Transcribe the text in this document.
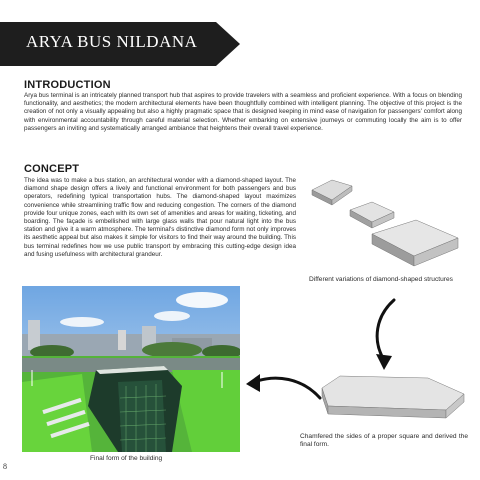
ARYA BUS NILDANA
INTRODUCTION
Arya bus terminal is an intricately planned transport hub that aspires to provide travelers with a seamless and proficient experience. With a focus on blending functionality, and aesthetics; the modern architectural elements have been thoughtfully combined with intelligent planning. The objective of this project is the creation of not only a visually appealing but also a highly pragmatic space that is designed keeping in mind ease of navigation for passengers' comfort along with environmental accountability through careful material selection. Whether embarking on extensive journeys or commuting locally the aim is to offer passengers an inviting and systematically arranged ambiance that heightens their overall travel experience.
CONCEPT
The idea was to make a bus station, an architectural wonder with a diamond-shaped layout. The diamond shape design offers a lively and functional environment for both passengers and bus operators, redefining typical transportation hubs. The diamond-shaped layout maximizes convenience while streamlining traffic flow and reducing congestion. The corners of the diamond provide four unique zones, each with its own set of amenities and areas for waiting, ticketing, and boarding. The façade is embellished with large glass walls that pour natural light into the bus station and give it a warm atmosphere. The terminal's distinctive diamond form not only improves its aesthetic appeal but also makes it simple for visitors to find their way around the building. This bus terminal redefines how we use public transport by embracing this cutting-edge design idea and fusing usefulness with architectural grandeur.
Different variations of diamond-shaped structures
Chamfered the sides of a proper square and derived the final form.
Final form of the building
8
